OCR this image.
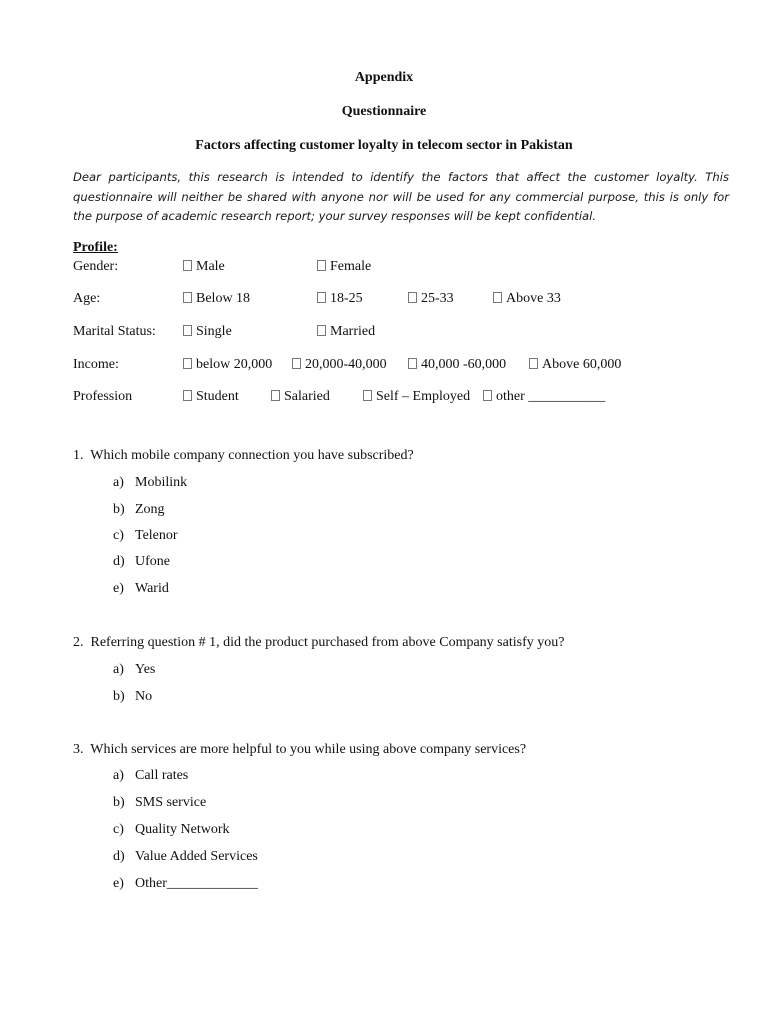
Appendix
Questionnaire
Factors affecting customer loyalty in telecom sector in Pakistan
Dear participants, this research is intended to identify the factors that affect the customer loyalty. This questionnaire will neither be shared with anyone nor will be used for any commercial purpose, this is only for the purpose of academic research report; your survey responses will be kept confidential.
Profile:
Gender:	Male	Female
Age:	Below 18	18-25	25-33	Above 33
Marital Status:	Single	Married
Income:	below 20,000	20,000-40,000	40,000 -60,000	Above 60,000
Profession	Student	Salaried	Self – Employed	other ___________
1. Which mobile company connection you have subscribed?
a) Mobilink
b) Zong
c) Telenor
d) Ufone
e) Warid
2. Referring question # 1, did the product purchased from above Company satisfy you?
a) Yes
b) No
3. Which services are more helpful to you while using above company services?
a) Call rates
b) SMS service
c) Quality Network
d) Value Added Services
e) Other_____________
